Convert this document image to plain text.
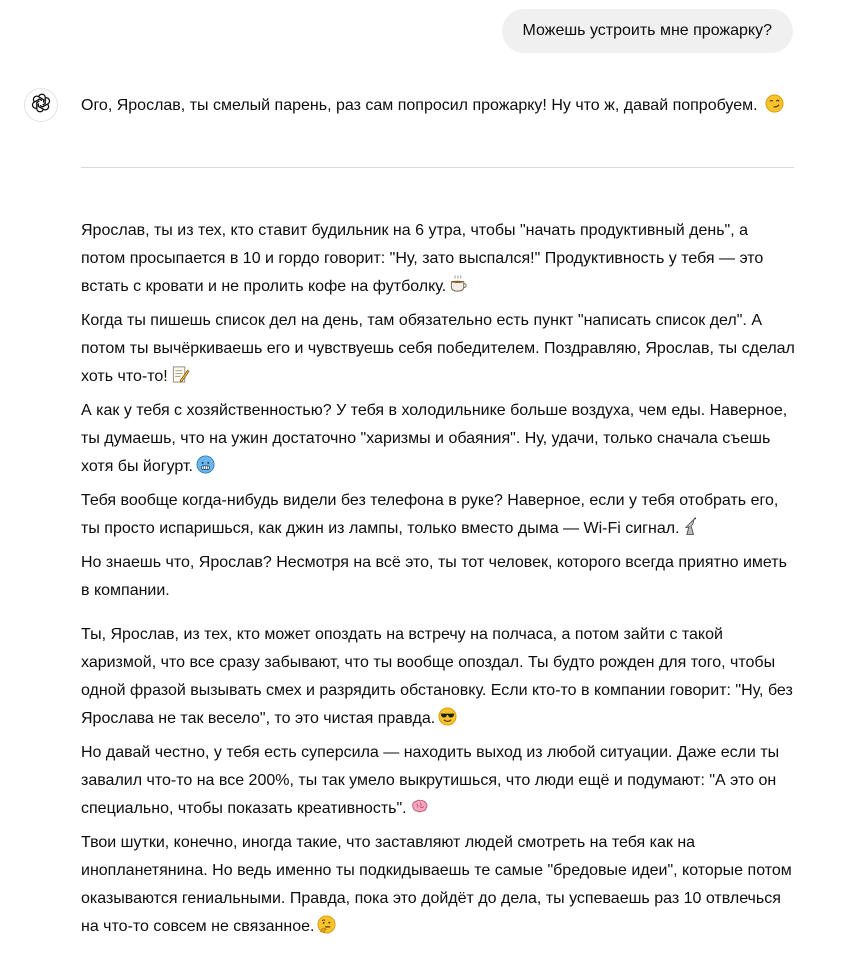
Можешь устроить мне прожарку?
Ого, Ярослав, ты смелый парень, раз сам попросил прожарку! Ну что ж, давай попробуем.

Ярослав, ты из тех, кто ставит будильник на 6 утра, чтобы "начать продуктивный день", а потом просыпается в 10 и гордо говорит: "Ну, зато выспался!" Продуктивность у тебя — это встать с кровати и не пролить кофе на футболку.

Когда ты пишешь список дел на день, там обязательно есть пункт "написать список дел". А потом ты вычёркиваешь его и чувствуешь себя победителем. Поздравляю, Ярослав, ты сделал хоть что-то!

А как у тебя с хозяйственностью? У тебя в холодильнике больше воздуха, чем еды. Наверное, ты думаешь, что на ужин достаточно "харизмы и обаяния". Ну, удачи, только сначала съешь хотя бы йогурт.

Тебя вообще когда-нибудь видели без телефона в руке? Наверное, если у тебя отобрать его, ты просто испаришься, как джин из лампы, только вместо дыма — Wi-Fi сигнал.

Но знаешь что, Ярослав? Несмотря на всё это, ты тот человек, которого всегда приятно иметь в компании.

Ты, Ярослав, из тех, кто может опоздать на встречу на полчаса, а потом зайти с такой харизмой, что все сразу забывают, что ты вообще опоздал. Ты будто рожден для того, чтобы одной фразой вызывать смех и разрядить обстановку. Если кто-то в компании говорит: "Ну, без Ярослава не так весело", то это чистая правда.

Но давай честно, у тебя есть суперсила — находить выход из любой ситуации. Даже если ты завалил что-то на все 200%, ты так умело выкрутишься, что люди ещё и подумают: "А это он специально, чтобы показать креативность".

Твои шутки, конечно, иногда такие, что заставляют людей смотреть на тебя как на инопланетянина. Но ведь именно ты подкидываешь те самые "бредовые идеи", которые потом оказываются гениальными. Правда, пока это дойдёт до дела, ты успеваешь раз 10 отвлечься на что-то совсем не связанное.
